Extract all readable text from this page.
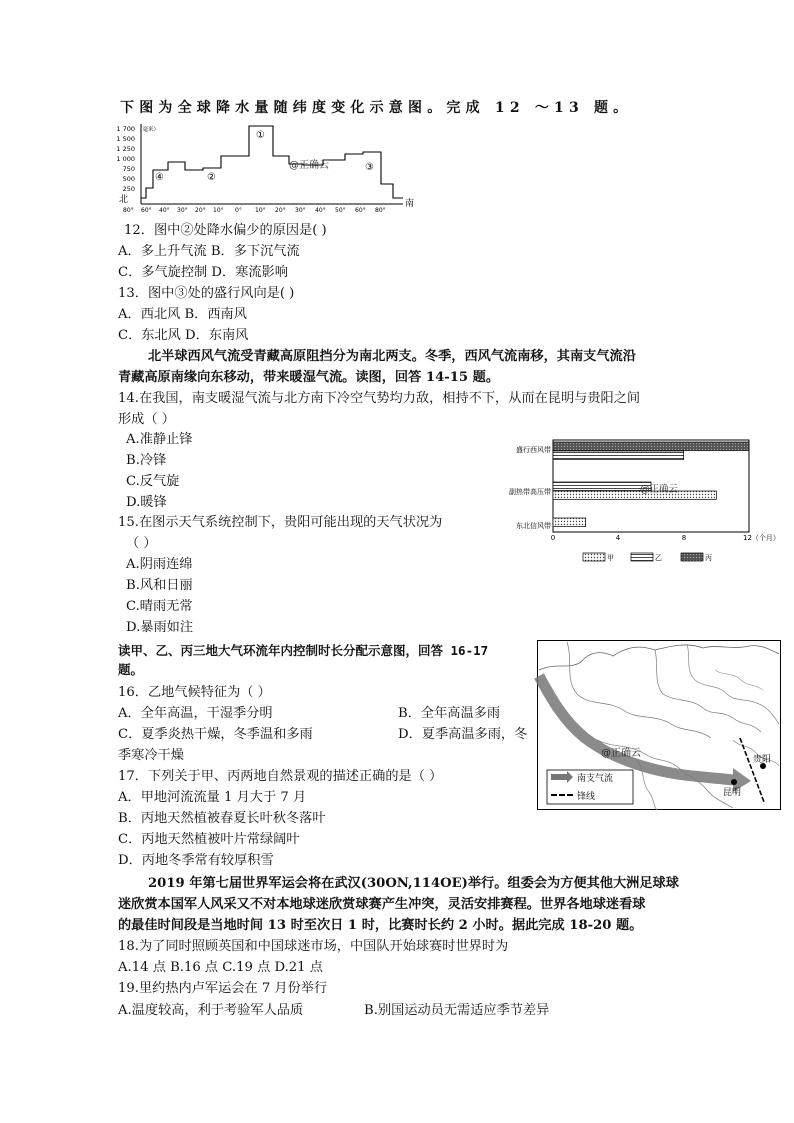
下图为全球降水量随纬度变化示意图。完成 12 ～13 题。
1 700 （毫米）
1 500
1 250
1 000
750
500
250
北	南
80° 60° 40° 30° 20° 10° 0° 10° 20° 30° 40° 50° 60° 80°
①
②
③
④
@正确云
12．图中②处降水偏少的原因是( )
A．多上升气流 B．多下沉气流
C．多气旋控制 D．寒流影响
13．图中③处的盛行风向是( )
A．西北风 B．西南风
C．东北风 D．东南风
北半球西风气流受青藏高原阻挡分为南北两支。冬季，西风气流南移，其南支气流沿
青藏高原南缘向东移动，带来暖湿气流。读图，回答 14-15 题。
14.在我国，南支暖湿气流与北方南下冷空气势均力敌，相持不下，从而在昆明与贵阳之间
形成（ ）
A.准静止锋
B.冷锋
C.反气旋
D.暖锋
15.在图示天气系统控制下，贵阳可能出现的天气状况为
（ ）
A.阴雨连绵
B.风和日丽
C.晴雨无常
D.暴雨如注
盛行西风带
副热带高压带
东北信风带
0	4	8	12（个月）
@正确云
甲	乙	丙
读甲、乙、丙三地大气环流年内控制时长分配示意图，回答 16-17
题。
16．乙地气候特征为（ ）
A．全年高温，干湿季分明	B．全年高温多雨
C．夏季炎热干燥，冬季温和多雨	D．夏季高温多雨，冬
季寒冷干燥
17．下列关于甲、丙两地自然景观的描述正确的是（ ）
A．甲地河流流量 1 月大于 7 月
B．丙地天然植被春夏长叶秋冬落叶
C．丙地天然植被叶片常绿阔叶
D．丙地冬季常有较厚积雪
贵阳
昆明
@正确云
南支气流
锋线
2019 年第七届世界军运会将在武汉(30ON,114OE)举行。组委会为方便其他大洲足球球
迷欣赏本国军人风采又不对本地球迷欣赏球赛产生冲突，灵活安排赛程。世界各地球迷看球
的最佳时间段是当地时间 13 时至次日 1 时，比赛时长约 2 小时。据此完成 18-20 题。
18.为了同时照顾英国和中国球迷市场，中国队开始球赛时世界时为
A.14 点 B.16 点 C.19 点 D.21 点
19.里约热内卢军运会在 7 月份举行
A.温度较高，利于考验军人品质	B.别国运动员无需适应季节差异
